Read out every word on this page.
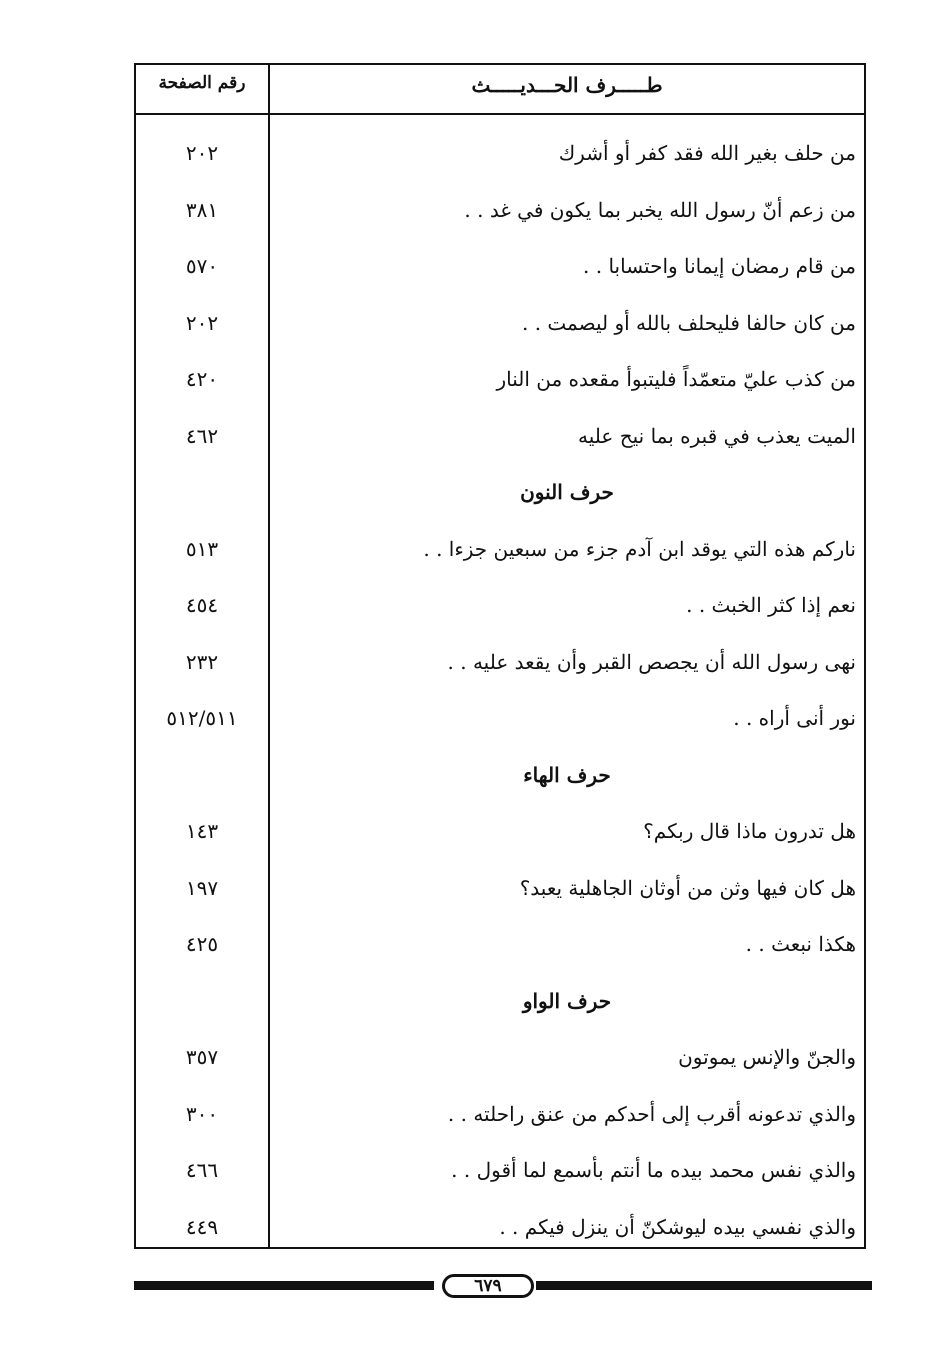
طـــــرف الحـــديـــــث
رقم الصفحة
من حلف بغير الله فقد كفر أو أشرك
٢٠٢
من زعم أنّ رسول الله يخبر بما يكون في غد . .
٣٨١
من قام رمضان إيمانا واحتسابا . .
٥٧٠
من كان حالفا فليحلف بالله أو ليصمت . .
٢٠٢
من كذب عليّ متعمّداً فليتبوأ مقعده من النار
٤٢٠
الميت يعذب في قبره بما نيح عليه
٤٦٢
حرف النون
ناركم هذه التي يوقد ابن آدم جزء من سبعين جزءا . .
٥١٣
نعم إذا كثر الخبث . .
٤٥٤
نهى رسول الله أن يجصص القبر وأن يقعد عليه . .
٢٣٢
نور أنى أراه . .
٥١٢/٥١١
حرف الهاء
هل تدرون ماذا قال ربكم؟
١٤٣
هل كان فيها وثن من أوثان الجاهلية يعبد؟
١٩٧
هكذا نبعث . .
٤٢٥
حرف الواو
والجنّ والإنس يموتون
٣٥٧
والذي تدعونه أقرب إلى أحدكم من عنق راحلته . .
٣٠٠
والذي نفس محمد بيده ما أنتم بأسمع لما أقول . .
٤٦٦
والذي نفسي بيده ليوشكنّ أن ينزل فيكم . .
٤٤٩
٦٧٩
